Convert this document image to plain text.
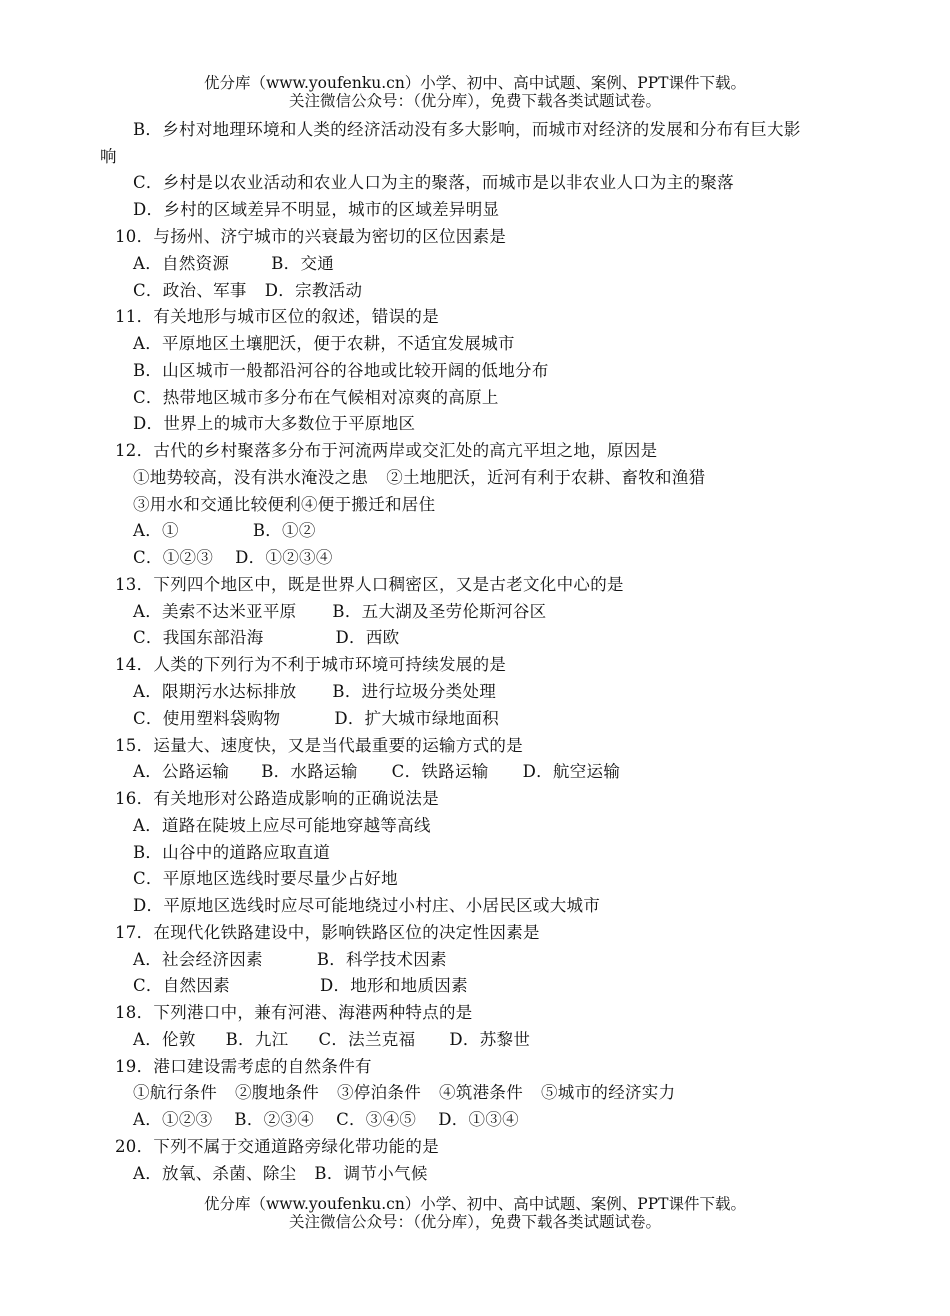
优分库（www.youfenku.cn）小学、初中、高中试题、案例、PPT课件下载。
关注微信公众号：（优分库），免费下载各类试题试卷。
B．乡村对地理环境和人类的经济活动没有多大影响，而城市对经济的发展和分布有巨大影
响
C．乡村是以农业活动和农业人口为主的聚落，而城市是以非农业人口为主的聚落
D．乡村的区域差异不明显，城市的区域差异明显
10．与扬州、济宁城市的兴衰最为密切的区位因素是
A．自然资源	B．交通
C．政治、军事 D．宗教活动
11．有关地形与城市区位的叙述，错误的是
A．平原地区土壤肥沃，便于农耕，不适宜发展城市
B．山区城市一般都沿河谷的谷地或比较开阔的低地分布
C．热带地区城市多分布在气候相对凉爽的高原上
D．世界上的城市大多数位于平原地区
12．古代的乡村聚落多分布于河流两岸或交汇处的高亢平坦之地，原因是
①地势较高，没有洪水淹没之患 ②土地肥沃，近河有利于农耕、畜牧和渔猎
③用水和交通比较便利④便于搬迁和居住
A．①	B．①②
C．①②③ D．①②③④
13．下列四个地区中，既是世界人口稠密区，又是古老文化中心的是
A．美索不达米亚平原 B．五大湖及圣劳伦斯河谷区
C．我国东部沿海	D．西欧
14．人类的下列行为不利于城市环境可持续发展的是
A．限期污水达标排放 B．进行垃圾分类处理
C．使用塑料袋购物	D．扩大城市绿地面积
15．运量大、速度快，又是当代最重要的运输方式的是
A．公路运输 B．水路运输 C．铁路运输 D．航空运输
16．有关地形对公路造成影响的正确说法是
A．道路在陡坡上应尽可能地穿越等高线
B．山谷中的道路应取直道
C．平原地区选线时要尽量少占好地
D．平原地区选线时应尽可能地绕过小村庄、小居民区或大城市
17．在现代化铁路建设中，影响铁路区位的决定性因素是
A．社会经济因素	B．科学技术因素
C．自然因素	D．地形和地质因素
18．下列港口中，兼有河港、海港两种特点的是
A．伦敦 B．九江 C．法兰克福 D．苏黎世
19．港口建设需考虑的自然条件有
①航行条件 ②腹地条件 ③停泊条件 ④筑港条件 ⑤城市的经济实力
A．①②③ B．②③④ C．③④⑤ D．①③④
20．下列不属于交通道路旁绿化带功能的是
A．放氧、杀菌、除尘 B．调节小气候
优分库（www.youfenku.cn）小学、初中、高中试题、案例、PPT课件下载。
关注微信公众号：（优分库），免费下载各类试题试卷。
